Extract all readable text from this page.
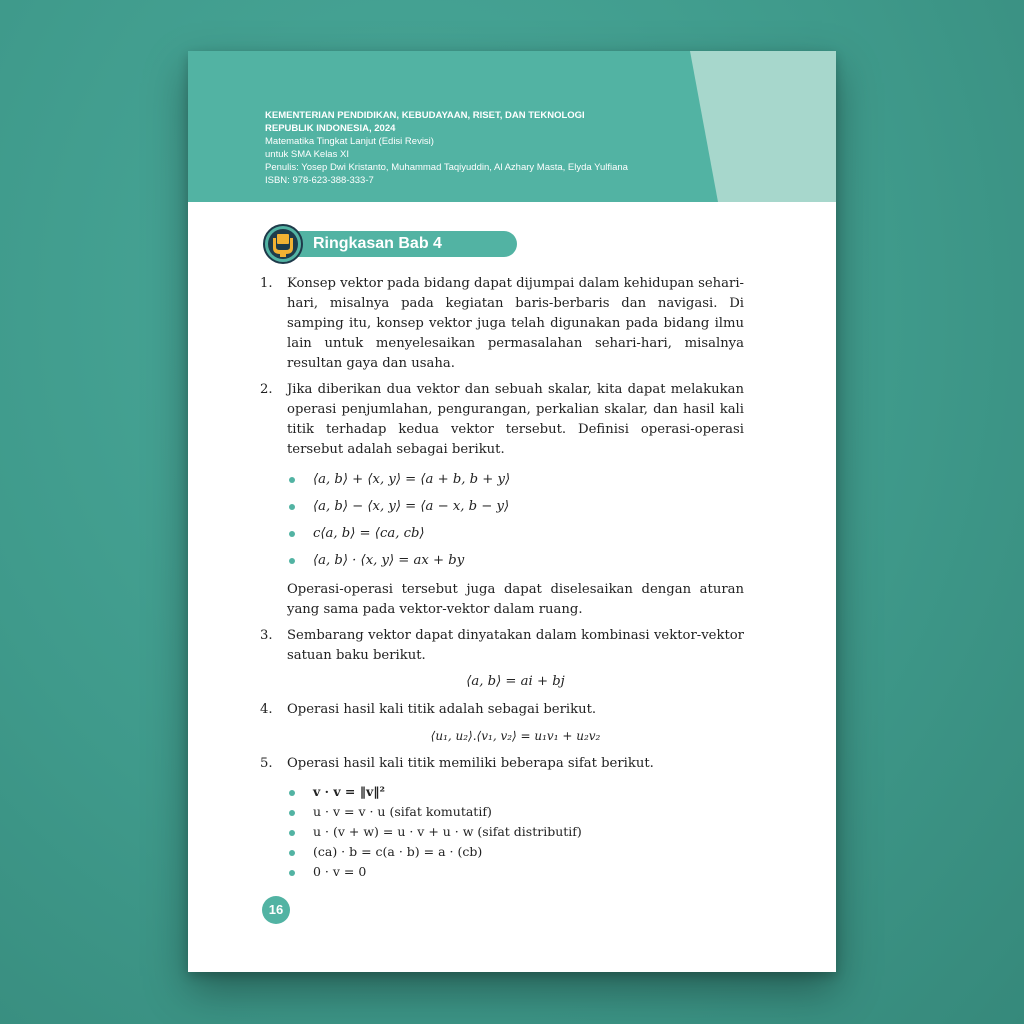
KEMENTERIAN PENDIDIKAN, KEBUDAYAAN, RISET, DAN TEKNOLOGI
REPUBLIK INDONESIA, 2024
Matematika Tingkat Lanjut (Edisi Revisi)
untuk SMA Kelas XI
Penulis: Yosep Dwi Kristanto, Muhammad Taqiyuddin, Al Azhary Masta, Elyda Yulfiana
ISBN: 978-623-388-333-7
Ringkasan Bab 4
1. Konsep vektor pada bidang dapat dijumpai dalam kehidupan sehari-hari, misalnya pada kegiatan baris-berbaris dan navigasi. Di samping itu, konsep vektor juga telah digunakan pada bidang ilmu lain untuk menyelesaikan permasalahan sehari-hari, misalnya resultan gaya dan usaha.

2. Jika diberikan dua vektor dan sebuah skalar, kita dapat melakukan operasi penjumlahan, pengurangan, perkalian skalar, dan hasil kali titik terhadap kedua vektor tersebut. Definisi operasi-operasi tersebut adalah sebagai berikut.

⟨a, b⟩ + ⟨x, y⟩ = ⟨a + b, b + y⟩
⟨a, b⟩ − ⟨x, y⟩ = ⟨a − x, b − y⟩
c⟨a, b⟩ = ⟨ca, cb⟩
⟨a, b⟩ · ⟨x, y⟩ = ax + by

Operasi-operasi tersebut juga dapat diselesaikan dengan aturan yang sama pada vektor-vektor dalam ruang.

3. Sembarang vektor dapat dinyatakan dalam kombinasi vektor-vektor satuan baku berikut.

⟨a, b⟩ = ai + bj
4. Operasi hasil kali titik adalah sebagai berikut.

⟨u₁, u₂⟩.⟨v₁, v₂⟩ = u₁v₁ + u₂v₂
5. Operasi hasil kali titik memiliki beberapa sifat berikut.

v · v = ‖v‖²
u · v = v · u (sifat komutatif)
u · (v + w) = u · v + u · w (sifat distributif)
(ca) · b = c(a · b) = a · (cb)
0 · v = 0
16
